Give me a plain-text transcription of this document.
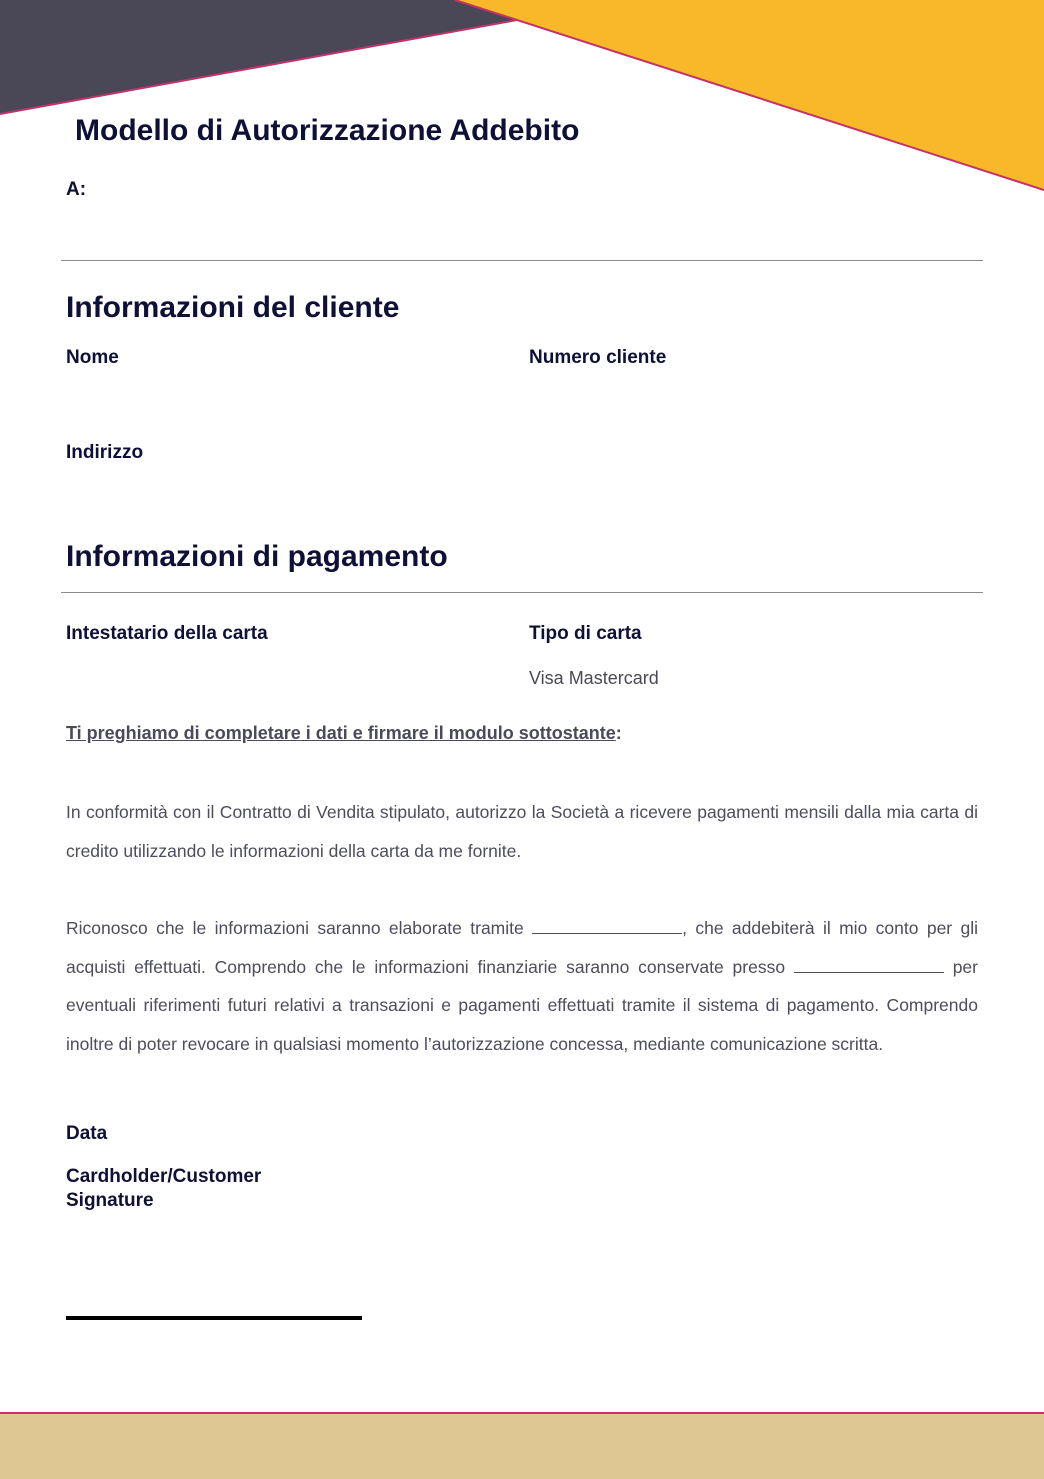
Modello di Autorizzazione Addebito
A:
Informazioni del cliente
Nome	Numero cliente
Indirizzo
Informazioni di pagamento
Intestatario della carta	Tipo di carta
Visa Mastercard
Ti preghiamo di completare i dati e firmare il modulo sottostante:

In conformità con il Contratto di Vendita stipulato, autorizzo la Società a ricevere pagamenti mensili dalla mia carta di credito utilizzando le informazioni della carta da me fornite.

Riconosco che le informazioni saranno elaborate tramite	, che addebiterà il mio conto per gli acquisti effettuati. Comprendo che le informazioni finanziarie saranno conservate presso	per eventuali riferimenti futuri relativi a transazioni e pagamenti effettuati tramite il sistema di pagamento. Comprendo inoltre di poter revocare in qualsiasi momento l’autorizzazione concessa, mediante comunicazione scritta.

Data
Cardholder/Customer
Signature
